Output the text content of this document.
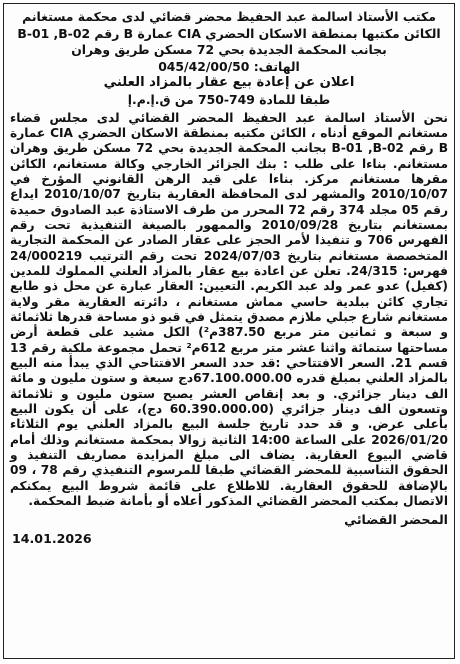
مكتب الأستاذ اسالمة عبد الحفيظ محضر قضائي لدى محكمة مستغانم
الكائن مكتبها بمنطقة الاسكان الحضري CIA عمارة B رقم B-01 ,B-02
بجانب المحكمة الجديدة بحي 72 مسكن طريق وهران
الهاتف: 045/42/00/50
اعلان عن إعادة بيع عقار بالمزاد العلني
طبقا للمادة 749-750 من ق.إ.م.إ

نحن الأستاذ اسالمة عبد الحفيظ المحضر القضائي لدى مجلس قضاء مستغانم الموقع أدناه ، الكائن مكتبه بمنطقة الاسكان الحضري CIA عمارة B رقم B-01 ,B-02 بجانب المحكمة الجديدة بحي 72 مسكن طريق وهران مستغانم. بناءا على طلب : بنك الجزائر الخارجي وكالة مستغانم، الكائن مقرها مستغانم مركز. بناءا على قيد الرهن القانوني المؤرخ في 2010/10/07 والمشهر لدى المحافظة العقارية بتاريخ 2010/10/07 ايداع رقم 05 مجلد 374 رقم 72 المحرر من طرف الاستاذة عبد الصادوق حميدة بمستغانم بتاريخ 2010/09/28 والممهور بالصيغة التنفيذية تحت رقم الفهرس 706 و تنفيذا لأمر الحجز على عقار الصادر عن المحكمة التجارية المتخصصة مستغانم بتاريخ 2024/07/03 تحت رقم الترتيب 24/000219 فهرس: 24/315. تعلن عن اعادة بيع عقار بالمزاد العلني المملوك للمدين (كفيل) عدو عمر ولد عبد الكريم. التعيين: العقار عبارة عن محل ذو طابع تجاري كائن ببلدية حاسي مماش مستغانم ، دائرته العقارية مقر ولاية مستغانم شارع جبلي ملازم مصدق يتمثل في قبو ذو مساحة قدرها ثلاثمائة و سبعة و ثمانين متر مربع 387.50م²) الكل مشيد على قطعة أرض مساحتها ستمائة واثنا عشر متر مربع 612م² تحمل مجموعة ملكية رقم 13 قسم 21. السعر الافتتاحي :قد حدد السعر الافتتاحي الذي يبدأ منه البيع بالمزاد العلني بمبلغ قدره 67.100.000.00دج سبعة و ستون مليون و مائة الف دينار جزائري. و بعد إنقاص العشر يصبح ستون مليون و ثلاثمائة وتسعون الف دينار جزائري (60.390.000.00 دج)، على أن يكون البيع بأعلى عرض. و قد حدد تاريخ جلسة البيع بالمزاد العلني يوم الثلاثاء 2026/01/20 على الساعة 14:00 الثانية زوالا بمحكمة مستغانم وذلك أمام قاضي البيوع العقارية. يضاف الى مبلغ المزايدة مصاريف التنفيذ و الحقوق التناسبية للمحضر القضائي طبقا للمرسوم التنفيذي رقم 78 ، 09 بالإضافة للحقوق العقارية. للاطلاع على قائمة شروط البيع يمكنكم الاتصال بمكتب المحضر القضائي المذكور أعلاه أو بأمانة ضبط المحكمة.

المحضر القضائي
14.01.2026
